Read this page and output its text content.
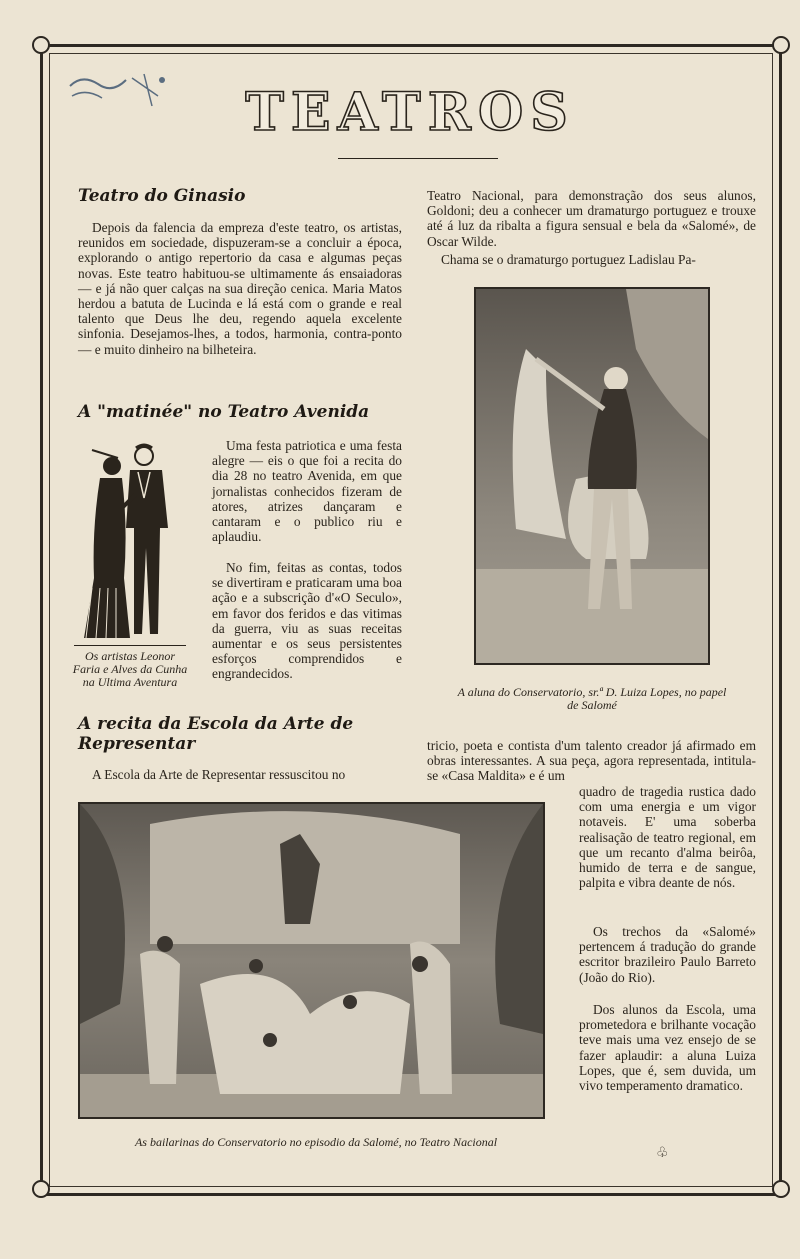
TEATROS
Teatro do Ginasio

Depois da falencia da empreza d'este teatro, os artistas, reunidos em sociedade, dispuzeram-se a concluir a época, explorando o antigo repertorio da casa e algumas peças novas. Este teatro habituou-se ultimamente ás ensaiadoras — e já não quer calças na sua direção cenica. Maria Matos herdou a batuta de Lucinda e lá está com o grande e real talento que Deus lhe deu, regendo aquela excelente sinfonia. Desejamos-lhes, a todos, harmonia, contra-ponto — e muito dinheiro na bilheteira.

A "matinée" no Teatro Avenida

Os artistas Leonor Faria e Alves da Cunha na Ultima Aventura

Uma festa patriotica e uma festa alegre — eis o que foi a recita do dia 28 no teatro Avenida, em que jornalistas conhecidos fizeram de atores, atrizes dançaram e cantaram e o publico riu e aplaudiu.

No fim, feitas as contas, todos se divertiram e praticaram uma boa ação e a subscrição d'«O Seculo», em favor dos feridos e das vitimas da guerra, viu as suas receitas aumentar e os seus persistentes esforços comprendidos e engrandecidos.

A recita da Escola da Arte de Representar

A Escola da Arte de Representar ressuscitou no

Teatro Nacional, para demonstração dos seus alunos, Goldoni; deu a conhecer um dramaturgo portuguez e trouxe até á luz da ribalta a figura sensual e bela da «Salomé», de Oscar Wilde.

Chama se o dramaturgo portuguez Ladislau Pa-

A aluna do Conservatorio, sr.ª D. Luiza Lopes, no papel de Salomé

tricio, poeta e contista d'um talento creador já afirmado em obras interessantes. A sua peça, agora representada, intitula-se «Casa Maldita» e é um

quadro de tragedia rustica dado com uma energia e um vigor notaveis. E' uma soberba realisação de teatro regional, em que um recanto d'alma beirôa, humido de terra e de sangue, palpita e vibra deante de nós.

Os trechos da «Salomé» pertencem á tradução do grande escritor brazileiro Paulo Barreto (João do Rio).

Dos alunos da Escola, uma prometedora e brilhante vocação teve mais uma vez ensejo de se fazer aplaudir: a aluna Luiza Lopes, que é, sem duvida, um vivo temperamento dramatico.

♧

As bailarinas do Conservatorio no episodio da Salomé, no Teatro Nacional
